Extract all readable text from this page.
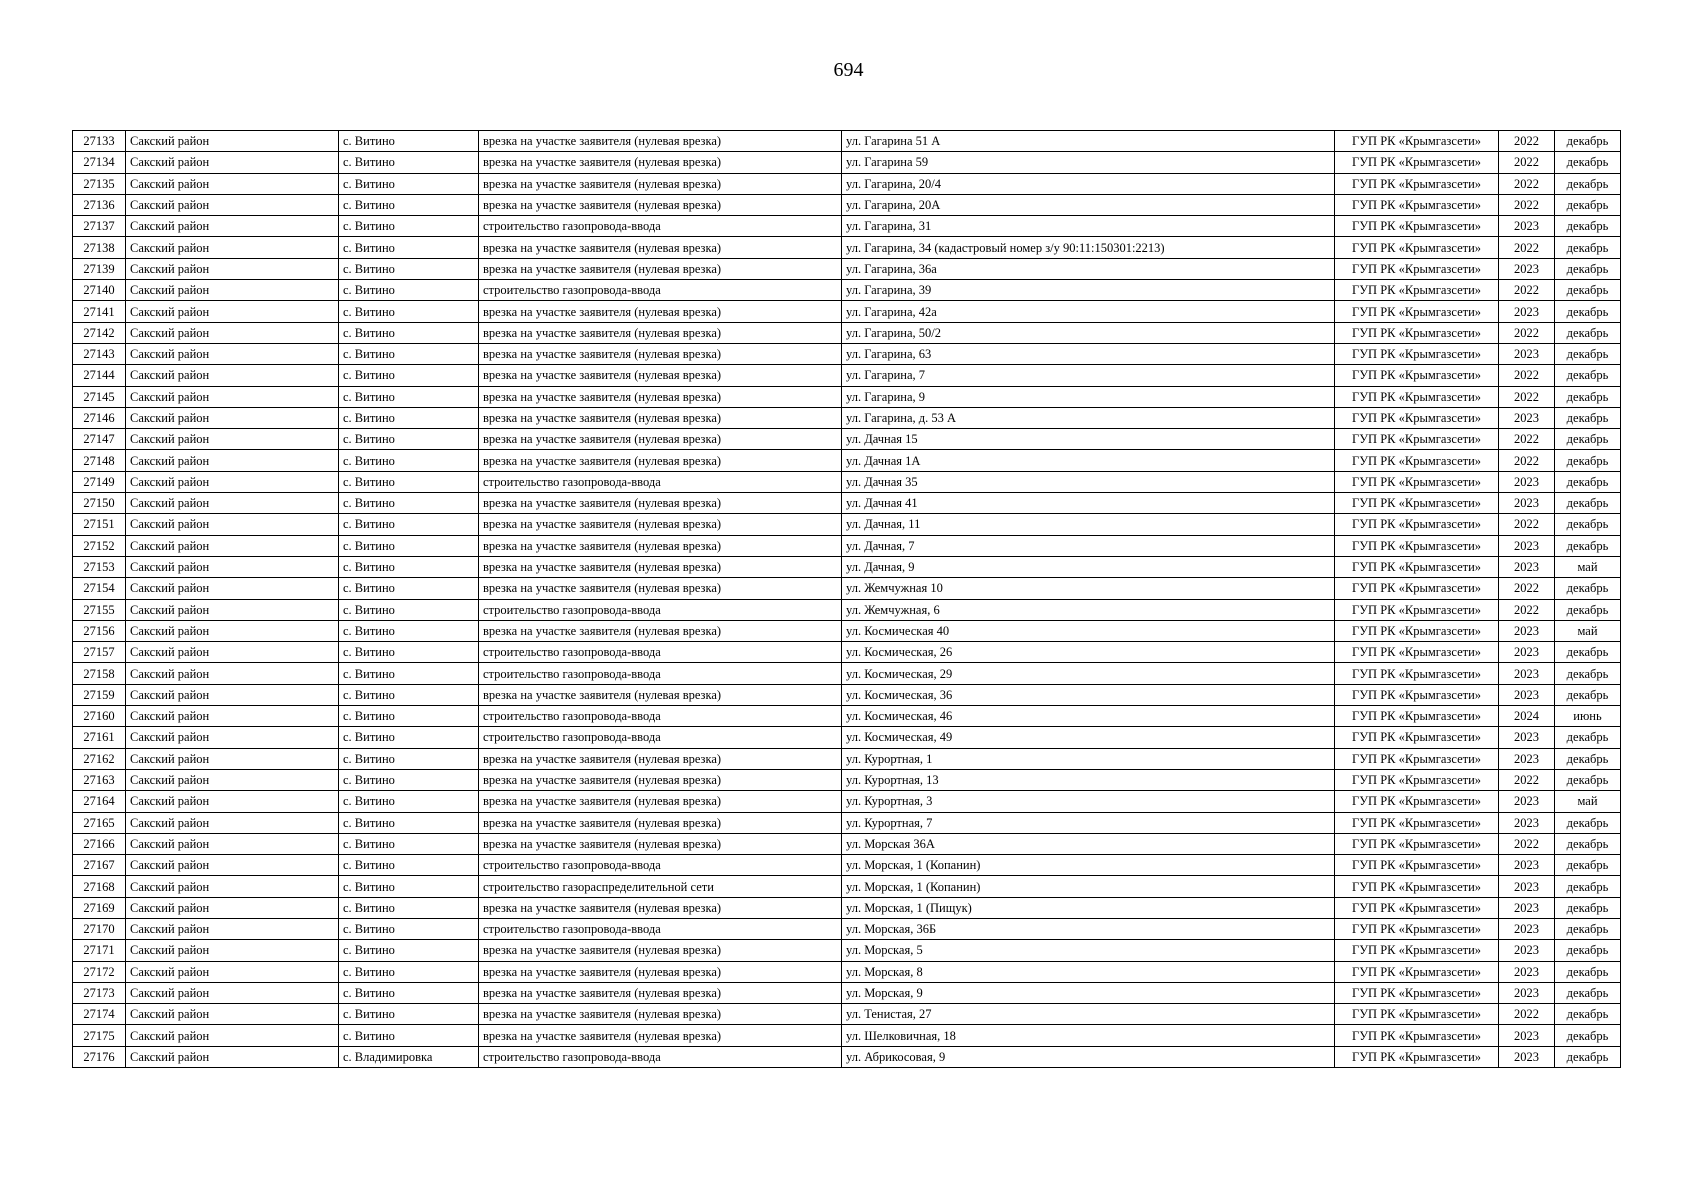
694
27133	Сакский район	с. Витино	врезка на участке заявителя (нулевая врезка)	ул. Гагарина 51 А	ГУП РК «Крымгазсети»	2022	декабрь
27134	Сакский район	с. Витино	врезка на участке заявителя (нулевая врезка)	ул. Гагарина 59	ГУП РК «Крымгазсети»	2022	декабрь
27135	Сакский район	с. Витино	врезка на участке заявителя (нулевая врезка)	ул. Гагарина, 20/4	ГУП РК «Крымгазсети»	2022	декабрь
27136	Сакский район	с. Витино	врезка на участке заявителя (нулевая врезка)	ул. Гагарина, 20А	ГУП РК «Крымгазсети»	2022	декабрь
27137	Сакский район	с. Витино	строительство газопровода-ввода	ул. Гагарина, 31	ГУП РК «Крымгазсети»	2023	декабрь
27138	Сакский район	с. Витино	врезка на участке заявителя (нулевая врезка)	ул. Гагарина, 34 (кадастровый номер з/у 90:11:150301:2213)	ГУП РК «Крымгазсети»	2022	декабрь
27139	Сакский район	с. Витино	врезка на участке заявителя (нулевая врезка)	ул. Гагарина, 36а	ГУП РК «Крымгазсети»	2023	декабрь
27140	Сакский район	с. Витино	строительство газопровода-ввода	ул. Гагарина, 39	ГУП РК «Крымгазсети»	2022	декабрь
27141	Сакский район	с. Витино	врезка на участке заявителя (нулевая врезка)	ул. Гагарина, 42а	ГУП РК «Крымгазсети»	2023	декабрь
27142	Сакский район	с. Витино	врезка на участке заявителя (нулевая врезка)	ул. Гагарина, 50/2	ГУП РК «Крымгазсети»	2022	декабрь
27143	Сакский район	с. Витино	врезка на участке заявителя (нулевая врезка)	ул. Гагарина, 63	ГУП РК «Крымгазсети»	2023	декабрь
27144	Сакский район	с. Витино	врезка на участке заявителя (нулевая врезка)	ул. Гагарина, 7	ГУП РК «Крымгазсети»	2022	декабрь
27145	Сакский район	с. Витино	врезка на участке заявителя (нулевая врезка)	ул. Гагарина, 9	ГУП РК «Крымгазсети»	2022	декабрь
27146	Сакский район	с. Витино	врезка на участке заявителя (нулевая врезка)	ул. Гагарина, д. 53 А	ГУП РК «Крымгазсети»	2023	декабрь
27147	Сакский район	с. Витино	врезка на участке заявителя (нулевая врезка)	ул. Дачная 15	ГУП РК «Крымгазсети»	2022	декабрь
27148	Сакский район	с. Витино	врезка на участке заявителя (нулевая врезка)	ул. Дачная 1А	ГУП РК «Крымгазсети»	2022	декабрь
27149	Сакский район	с. Витино	строительство газопровода-ввода	ул. Дачная 35	ГУП РК «Крымгазсети»	2023	декабрь
27150	Сакский район	с. Витино	врезка на участке заявителя (нулевая врезка)	ул. Дачная 41	ГУП РК «Крымгазсети»	2023	декабрь
27151	Сакский район	с. Витино	врезка на участке заявителя (нулевая врезка)	ул. Дачная, 11	ГУП РК «Крымгазсети»	2022	декабрь
27152	Сакский район	с. Витино	врезка на участке заявителя (нулевая врезка)	ул. Дачная, 7	ГУП РК «Крымгазсети»	2023	декабрь
27153	Сакский район	с. Витино	врезка на участке заявителя (нулевая врезка)	ул. Дачная, 9	ГУП РК «Крымгазсети»	2023	май
27154	Сакский район	с. Витино	врезка на участке заявителя (нулевая врезка)	ул. Жемчужная 10	ГУП РК «Крымгазсети»	2022	декабрь
27155	Сакский район	с. Витино	строительство газопровода-ввода	ул. Жемчужная, 6	ГУП РК «Крымгазсети»	2022	декабрь
27156	Сакский район	с. Витино	врезка на участке заявителя (нулевая врезка)	ул. Космическая 40	ГУП РК «Крымгазсети»	2023	май
27157	Сакский район	с. Витино	строительство газопровода-ввода	ул. Космическая, 26	ГУП РК «Крымгазсети»	2023	декабрь
27158	Сакский район	с. Витино	строительство газопровода-ввода	ул. Космическая, 29	ГУП РК «Крымгазсети»	2023	декабрь
27159	Сакский район	с. Витино	врезка на участке заявителя (нулевая врезка)	ул. Космическая, 36	ГУП РК «Крымгазсети»	2023	декабрь
27160	Сакский район	с. Витино	строительство газопровода-ввода	ул. Космическая, 46	ГУП РК «Крымгазсети»	2024	июнь
27161	Сакский район	с. Витино	строительство газопровода-ввода	ул. Космическая, 49	ГУП РК «Крымгазсети»	2023	декабрь
27162	Сакский район	с. Витино	врезка на участке заявителя (нулевая врезка)	ул. Курортная, 1	ГУП РК «Крымгазсети»	2023	декабрь
27163	Сакский район	с. Витино	врезка на участке заявителя (нулевая врезка)	ул. Курортная, 13	ГУП РК «Крымгазсети»	2022	декабрь
27164	Сакский район	с. Витино	врезка на участке заявителя (нулевая врезка)	ул. Курортная, 3	ГУП РК «Крымгазсети»	2023	май
27165	Сакский район	с. Витино	врезка на участке заявителя (нулевая врезка)	ул. Курортная, 7	ГУП РК «Крымгазсети»	2023	декабрь
27166	Сакский район	с. Витино	врезка на участке заявителя (нулевая врезка)	ул. Морская 36А	ГУП РК «Крымгазсети»	2022	декабрь
27167	Сакский район	с. Витино	строительство газопровода-ввода	ул. Морская, 1 (Копанин)	ГУП РК «Крымгазсети»	2023	декабрь
27168	Сакский район	с. Витино	строительство газораспределительной сети	ул. Морская, 1 (Копанин)	ГУП РК «Крымгазсети»	2023	декабрь
27169	Сакский район	с. Витино	врезка на участке заявителя (нулевая врезка)	ул. Морская, 1 (Пищук)	ГУП РК «Крымгазсети»	2023	декабрь
27170	Сакский район	с. Витино	строительство газопровода-ввода	ул. Морская, 36Б	ГУП РК «Крымгазсети»	2023	декабрь
27171	Сакский район	с. Витино	врезка на участке заявителя (нулевая врезка)	ул. Морская, 5	ГУП РК «Крымгазсети»	2023	декабрь
27172	Сакский район	с. Витино	врезка на участке заявителя (нулевая врезка)	ул. Морская, 8	ГУП РК «Крымгазсети»	2023	декабрь
27173	Сакский район	с. Витино	врезка на участке заявителя (нулевая врезка)	ул. Морская, 9	ГУП РК «Крымгазсети»	2023	декабрь
27174	Сакский район	с. Витино	врезка на участке заявителя (нулевая врезка)	ул. Тенистая, 27	ГУП РК «Крымгазсети»	2022	декабрь
27175	Сакский район	с. Витино	врезка на участке заявителя (нулевая врезка)	ул. Шелковичная, 18	ГУП РК «Крымгазсети»	2023	декабрь
27176	Сакский район	с. Владимировка	строительство газопровода-ввода	ул. Абрикосовая, 9	ГУП РК «Крымгазсети»	2023	декабрь
